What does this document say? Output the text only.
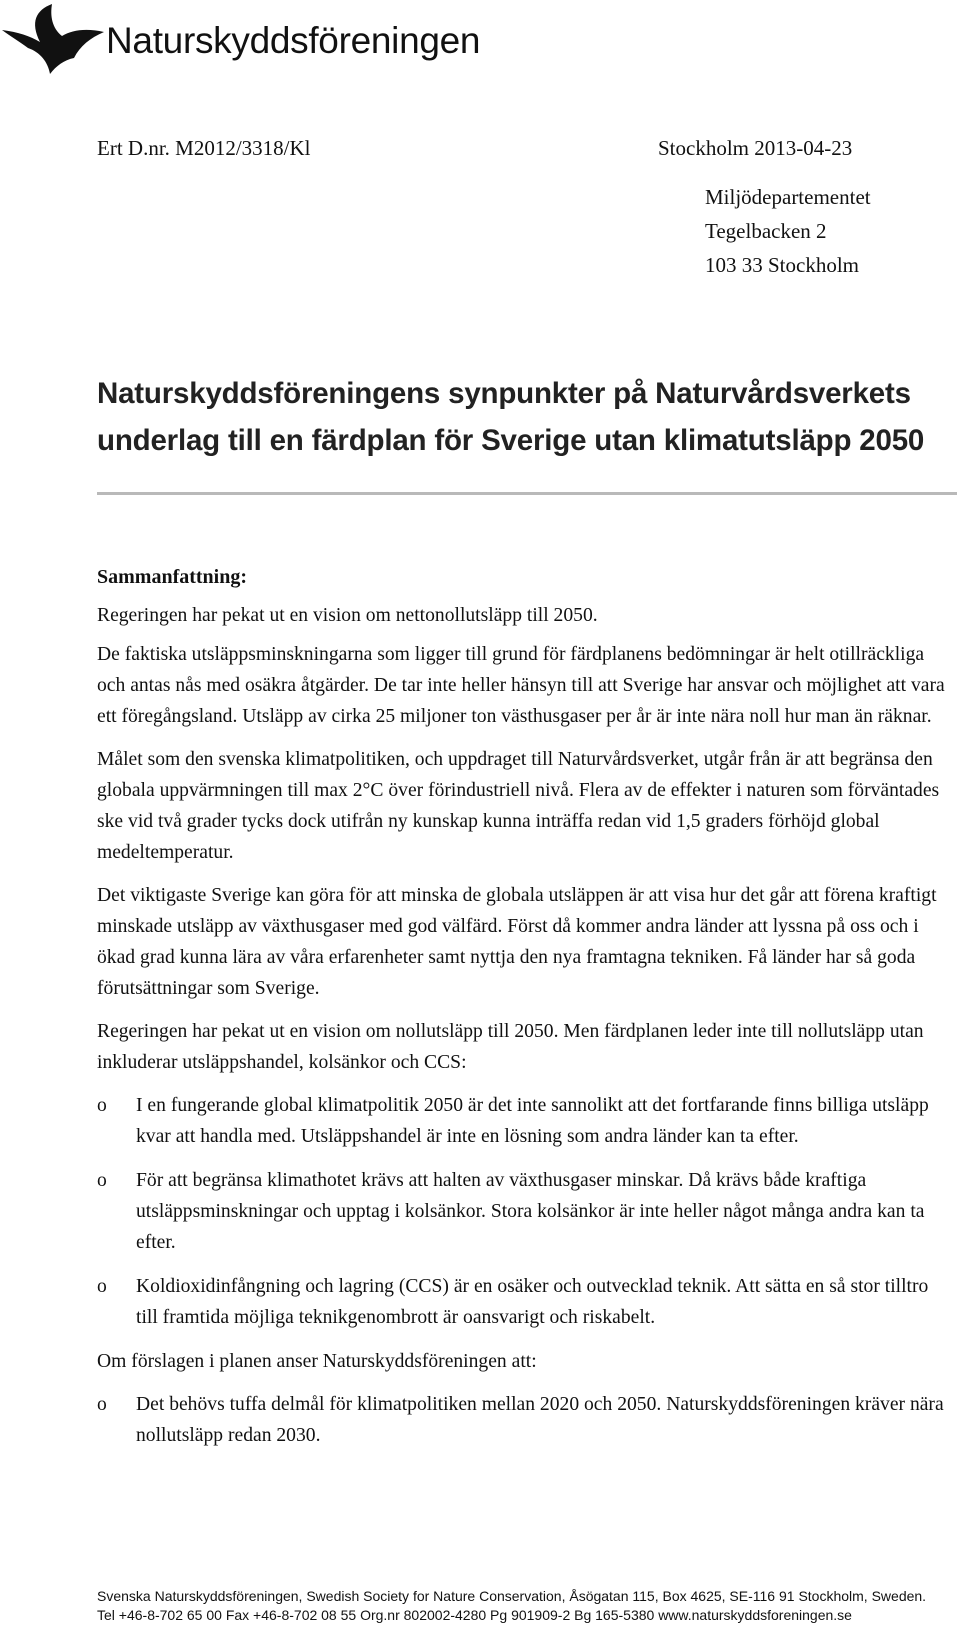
Naturskyddsföreningen
Ert D.nr. M2012/3318/Kl	Stockholm 2013-04-23
Miljödepartementet
Tegelbacken 2
103 33 Stockholm
Naturskyddsföreningens synpunkter på Naturvårdsverkets underlag till en färdplan för Sverige utan klimatutsläpp 2050
Sammanfattning:

Regeringen har pekat ut en vision om nettonollutsläpp till 2050.

De faktiska utsläppsminskningarna som ligger till grund för färdplanens bedömningar är helt otillräckliga och antas nås med osäkra åtgärder. De tar inte heller hänsyn till att Sverige har ansvar och möjlighet att vara ett föregångsland. Utsläpp av cirka 25 miljoner ton västhusgaser per år är inte nära noll hur man än räknar.

Målet som den svenska klimatpolitiken, och uppdraget till Naturvårdsverket, utgår från är att begränsa den globala uppvärmningen till max 2°C över förindustriell nivå. Flera av de effekter i naturen som förväntades ske vid två grader tycks dock utifrån ny kunskap kunna inträffa redan vid 1,5 graders förhöjd global medeltemperatur.

Det viktigaste Sverige kan göra för att minska de globala utsläppen är att visa hur det går att förena kraftigt minskade utsläpp av växthusgaser med god välfärd. Först då kommer andra länder att lyssna på oss och i ökad grad kunna lära av våra erfarenheter samt nyttja den nya framtagna tekniken. Få länder har så goda förutsättningar som Sverige.

Regeringen har pekat ut en vision om nollutsläpp till 2050. Men färdplanen leder inte till nollutsläpp utan inkluderar utsläppshandel, kolsänkor och CCS:

o I en fungerande global klimatpolitik 2050 är det inte sannolikt att det fortfarande finns billiga utsläpp kvar att handla med. Utsläppshandel är inte en lösning som andra länder kan ta efter.
o För att begränsa klimathotet krävs att halten av växthusgaser minskar. Då krävs både kraftiga utsläppsminskningar och upptag i kolsänkor. Stora kolsänkor är inte heller något många andra kan ta efter.
o Koldioxidinfångning och lagring (CCS) är en osäker och outvecklad teknik. Att sätta en så stor tilltro till framtida möjliga teknikgenombrott är oansvarigt och riskabelt.

Om förslagen i planen anser Naturskyddsföreningen att:

o Det behövs tuffa delmål för klimatpolitiken mellan 2020 och 2050. Naturskyddsföreningen kräver nära nollutsläpp redan 2030.
Svenska Naturskyddsföreningen, Swedish Society for Nature Conservation, Åsögatan 115, Box 4625, SE-116 91 Stockholm, Sweden.
Tel +46-8-702 65 00 Fax +46-8-702 08 55 Org.nr 802002-4280 Pg 901909-2 Bg 165-5380 www.naturskyddsforeningen.se
